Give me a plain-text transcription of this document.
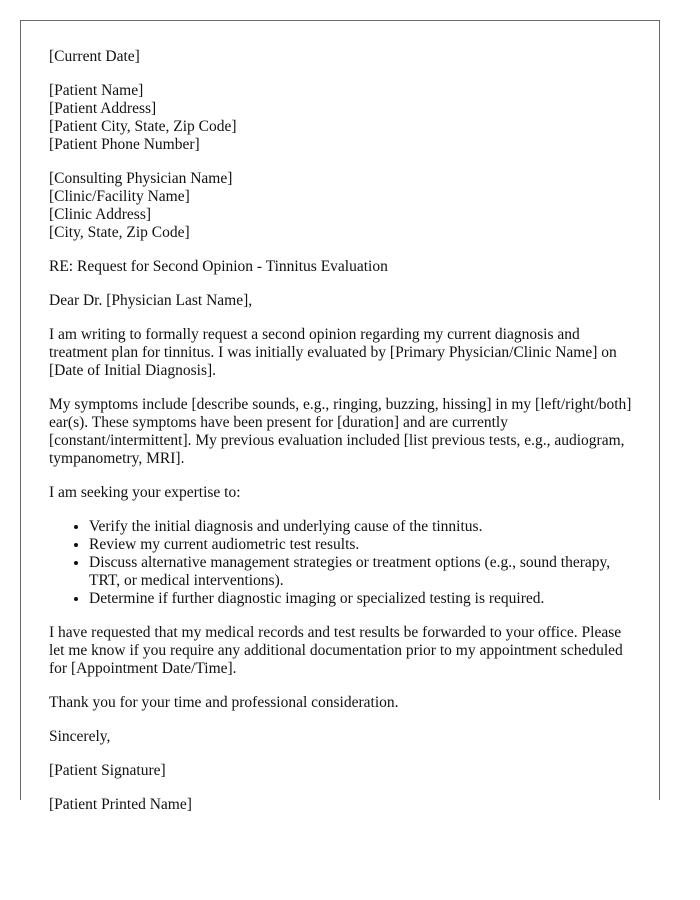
[Current Date]
[Patient Name]
[Patient Address]
[Patient City, State, Zip Code]
[Patient Phone Number]
[Consulting Physician Name]
[Clinic/Facility Name]
[Clinic Address]
[City, State, Zip Code]

RE: Request for Second Opinion - Tinnitus Evaluation

Dear Dr. [Physician Last Name],

I am writing to formally request a second opinion regarding my current diagnosis and treatment plan for tinnitus. I was initially evaluated by [Primary Physician/Clinic Name] on [Date of Initial Diagnosis].

My symptoms include [describe sounds, e.g., ringing, buzzing, hissing] in my [left/right/both] ear(s). These symptoms have been present for [duration] and are currently [constant/intermittent]. My previous evaluation included [list previous tests, e.g., audiogram, tympanometry, MRI].

I am seeking your expertise to:

• Verify the initial diagnosis and underlying cause of the tinnitus.
• Review my current audiometric test results.
• Discuss alternative management strategies or treatment options (e.g., sound therapy, TRT, or medical interventions).
• Determine if further diagnostic imaging or specialized testing is required.

I have requested that my medical records and test results be forwarded to your office. Please let me know if you require any additional documentation prior to my appointment scheduled for [Appointment Date/Time].

Thank you for your time and professional consideration.

Sincerely,

[Patient Signature]

[Patient Printed Name]
